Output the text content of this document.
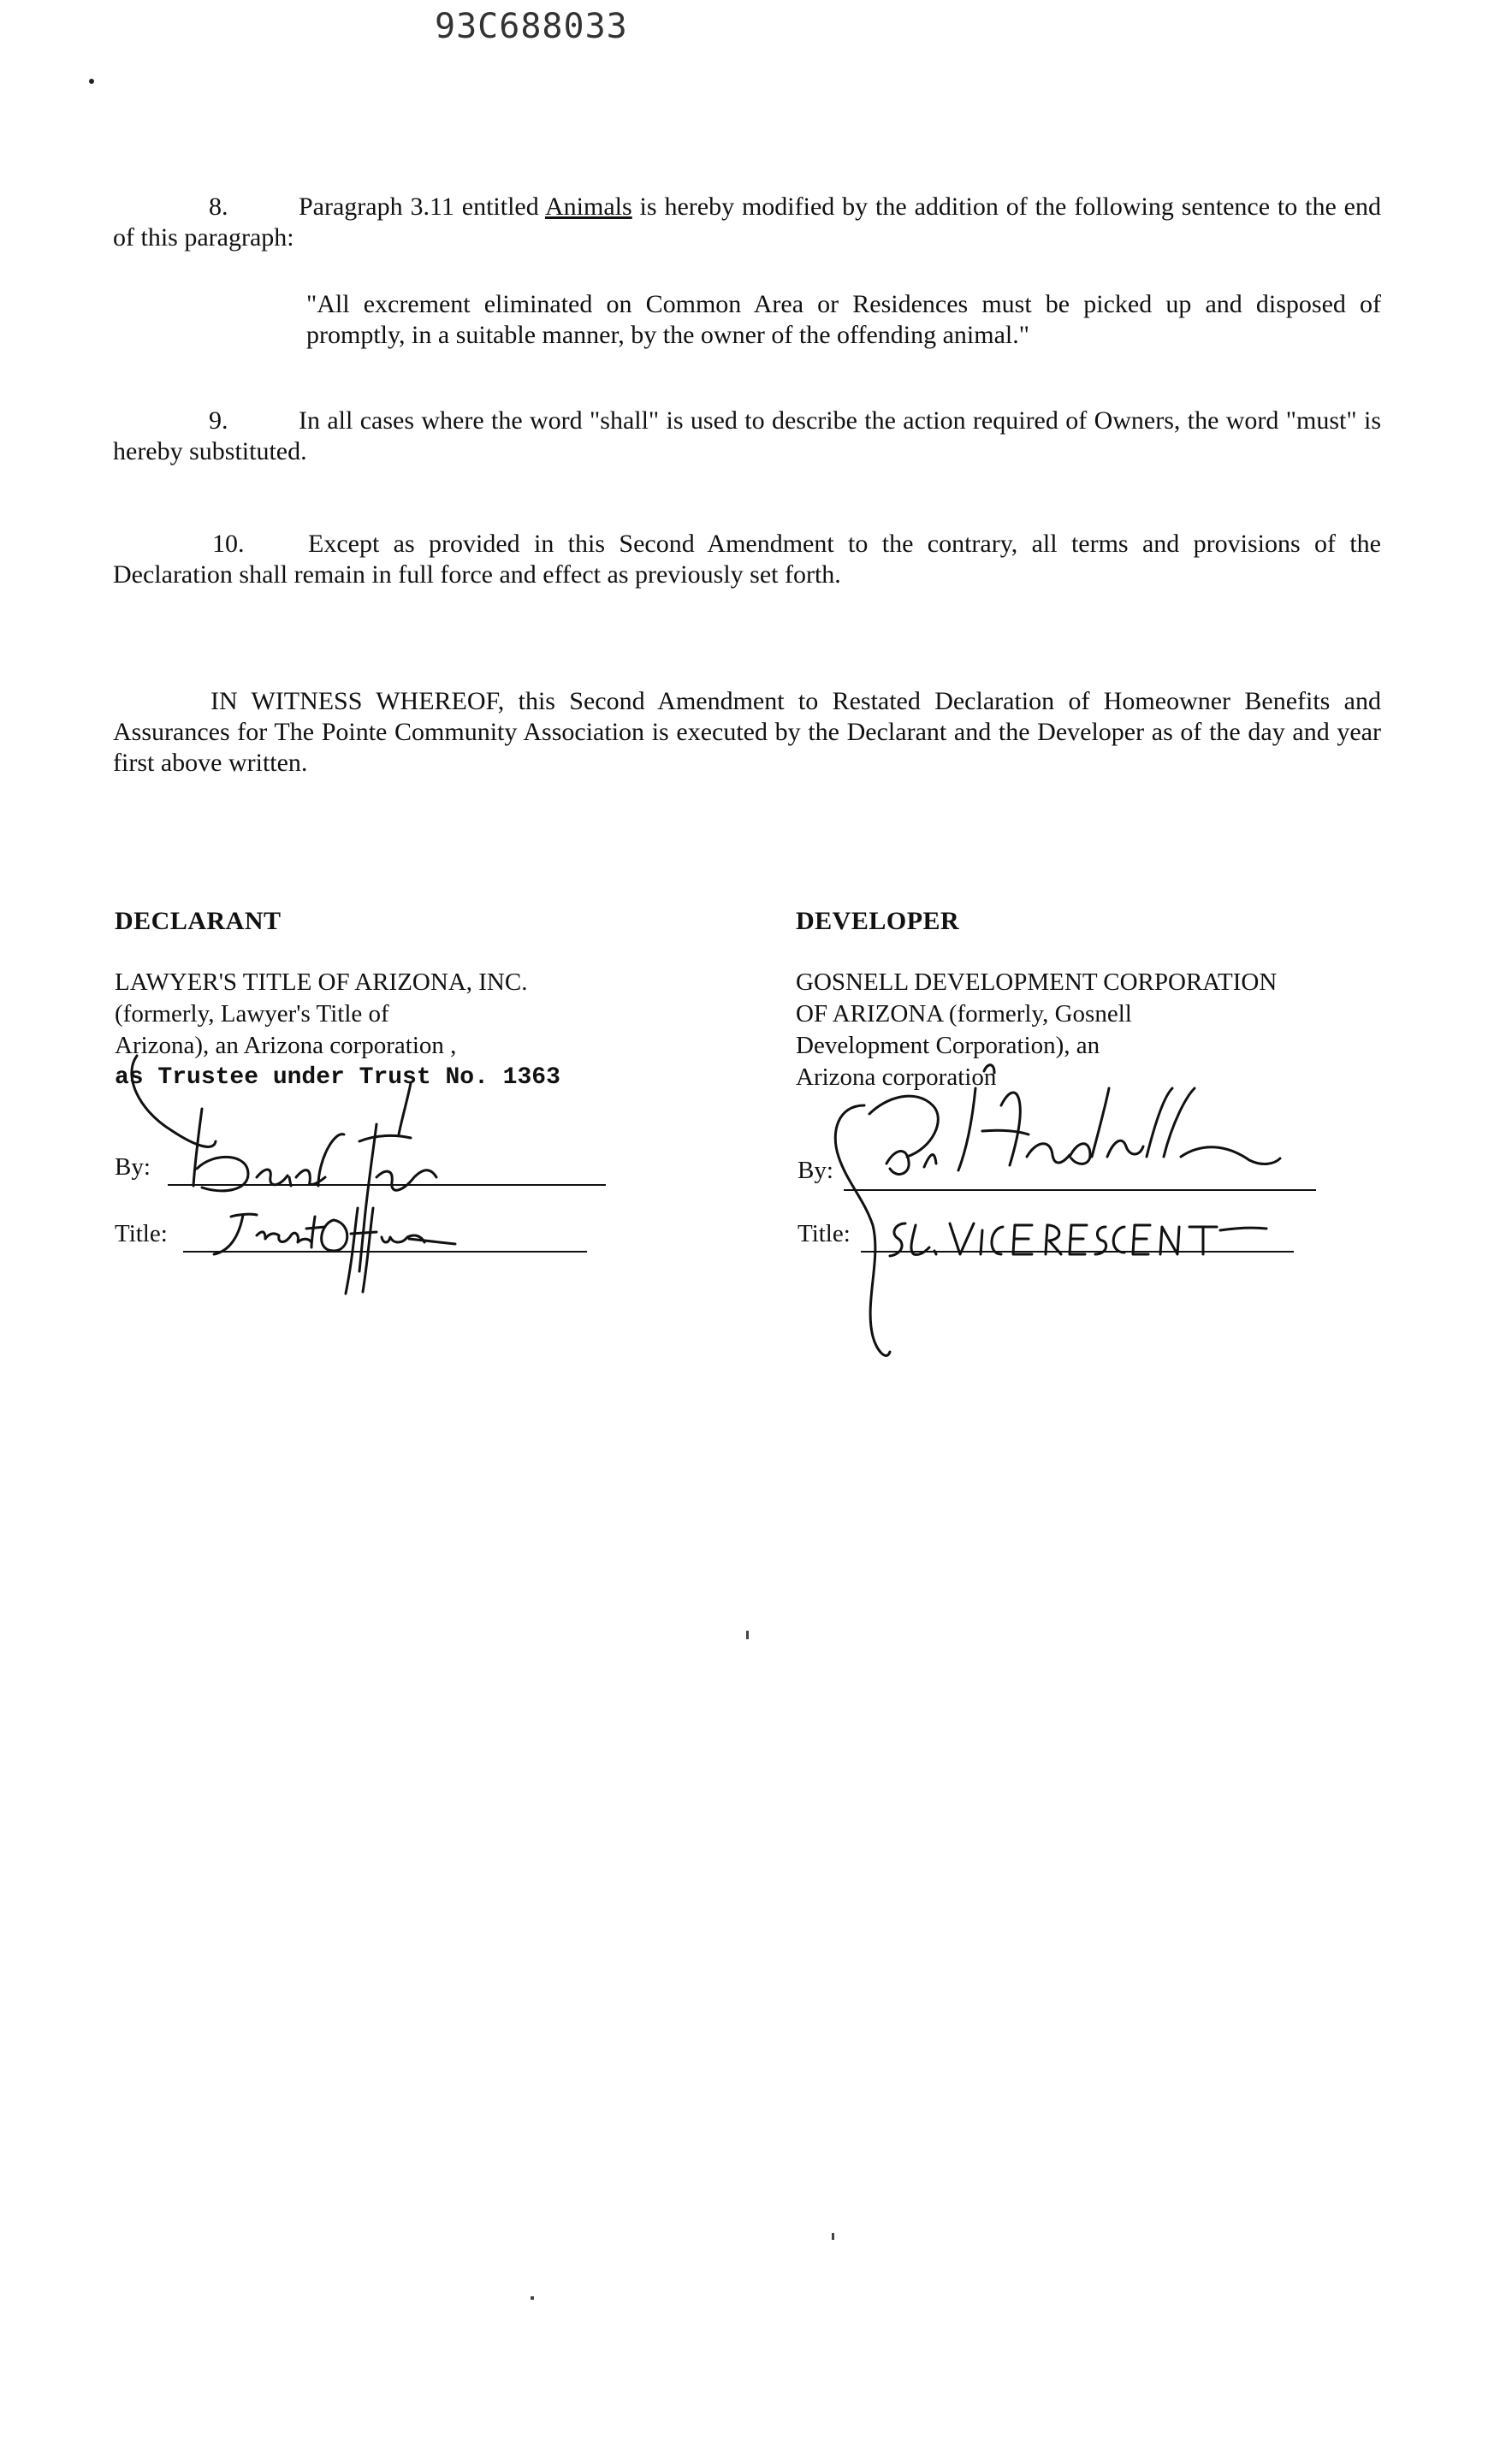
93C688033
8.	Paragraph 3.11 entitled Animals is hereby modified by the addition of the following sentence to the end of this paragraph:
"All excrement eliminated on Common Area or Residences must be picked up and disposed of promptly, in a suitable manner, by the owner of the offending animal."
9.	In all cases where the word "shall" is used to describe the action required of Owners, the word "must" is hereby substituted.
10. Except as provided in this Second Amendment to the contrary, all terms and provisions of the Declaration shall remain in full force and effect as previously set forth.
IN WITNESS WHEREOF, this Second Amendment to Restated Declaration of Homeowner Benefits and Assurances for The Pointe Community Association is executed by the Declarant and the Developer as of the day and year first above written.
DECLARANT
LAWYER'S TITLE OF ARIZONA, INC.
(formerly, Lawyer's Title of
Arizona), an Arizona corporation ,
as Trustee under Trust No. 1363
By:
Title:
DEVELOPER
GOSNELL DEVELOPMENT CORPORATION
OF ARIZONA (formerly, Gosnell
Development Corporation), an
Arizona corporation
By:
Title:
